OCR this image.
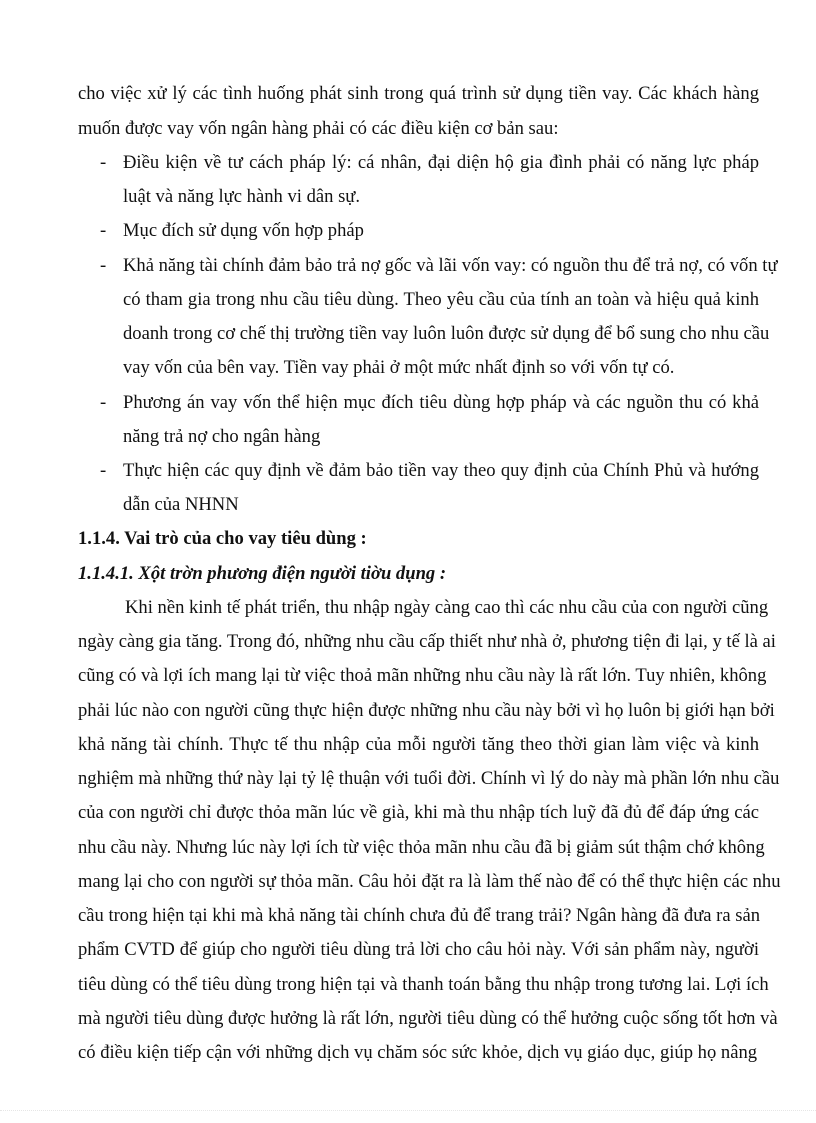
cho việc xử lý các tình huống phát sinh trong quá trình sử dụng tiền vay. Các khách hàng
muốn được vay vốn ngân hàng phải có các điều kiện cơ bản sau:
- Điều kiện về tư cách pháp lý: cá nhân, đại diện hộ gia đình phải có năng lực pháp
luật và năng lực hành vi dân sự.
- Mục đích sử dụng vốn hợp pháp
- Khả năng tài chính đảm bảo trả nợ gốc và lãi vốn vay: có nguồn thu để trả nợ, có vốn tự
có tham gia trong nhu cầu tiêu dùng. Theo yêu cầu của tính an toàn và hiệu quả kinh
doanh trong cơ chế thị trường tiền vay luôn luôn được sử dụng để bổ sung cho nhu cầu
vay vốn của bên vay. Tiền vay phải ở một mức nhất định so với vốn tự có.
- Phương án vay vốn thể hiện mục đích tiêu dùng hợp pháp và các nguồn thu có khả
năng trả nợ cho ngân hàng
- Thực hiện các quy định về đảm bảo tiền vay theo quy định của Chính Phủ và hướng
dẫn của NHNN
1.1.4. Vai trò của cho vay tiêu dùng :
1.1.4.1. Xột trờn phương điện người tiờu dụng :
Khi nền kinh tế phát triển, thu nhập ngày càng cao thì các nhu cầu của con người cũng
ngày càng gia tăng. Trong đó, những nhu cầu cấp thiết như nhà ở, phương tiện đi lại, y tế là ai
cũng có và lợi ích mang lại từ việc thoả mãn những nhu cầu này là rất lớn. Tuy nhiên, không
phải lúc nào con người cũng thực hiện được những nhu cầu này bởi vì họ luôn bị giới hạn bởi
khả năng tài chính. Thực tế thu nhập của mỗi người tăng theo thời gian làm việc và kinh
nghiệm mà những thứ này lại tỷ lệ thuận với tuổi đời. Chính vì lý do này mà phần lớn nhu cầu
của con người chỉ được thỏa mãn lúc về già, khi mà thu nhập tích luỹ đã đủ để đáp ứng các
nhu cầu này. Nhưng lúc này lợi ích từ việc thỏa mãn nhu cầu đã bị giảm sút thậm chớ không
mang lại cho con người sự thỏa mãn. Câu hỏi đặt ra là làm thế nào để có thể thực hiện các nhu
cầu trong hiện tại khi mà khả năng tài chính chưa đủ để trang trải? Ngân hàng đã đưa ra sản
phẩm CVTD để giúp cho người tiêu dùng trả lời cho câu hỏi này. Với sản phẩm này, người
tiêu dùng có thể tiêu dùng trong hiện tại và thanh toán bằng thu nhập trong tương lai. Lợi ích
mà người tiêu dùng được hưởng là rất lớn, người tiêu dùng có thể hưởng cuộc sống tốt hơn và
có điều kiện tiếp cận với những dịch vụ chăm sóc sức khỏe, dịch vụ giáo dục, giúp họ nâng
